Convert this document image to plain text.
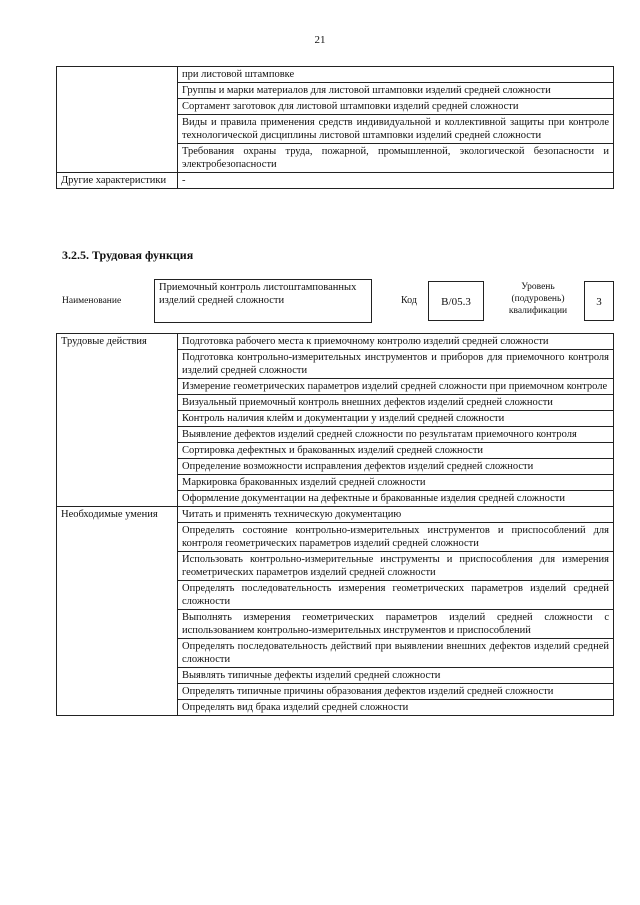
21
	при листовой штамповке
	Группы и марки материалов для листовой штамповки изделий средней сложности
	Сортамент заготовок для листовой штамповки изделий средней сложности
	Виды и правила применения средств индивидуальной и коллективной защиты при контроле технологической дисциплины листовой штамповки изделий средней сложности
	Требования охраны труда, пожарной, промышленной, экологической безопасности и электробезопасности
Другие характеристики	-
3.2.5. Трудовая функция
Наименование
Приемочный контроль листоштампованных изделий средней сложности	Код	B/05.3
Уровень (подуровень) квалификации
3
Трудовые действия	Подготовка рабочего места к приемочному контролю изделий средней сложности
	Подготовка контрольно-измерительных инструментов и приборов для приемочного контроля изделий средней сложности
	Измерение геометрических параметров изделий средней сложности при приемочном контроле
	Визуальный приемочный контроль внешних дефектов изделий средней сложности
	Контроль наличия клейм и документации у изделий средней сложности
	Выявление дефектов изделий средней сложности по результатам приемочного контроля
	Сортировка дефектных и бракованных изделий средней сложности
	Определение возможности исправления дефектов изделий средней сложности
	Маркировка бракованных изделий средней сложности
	Оформление документации на дефектные и бракованные изделия средней сложности
Необходимые умения	Читать и применять техническую документацию
	Определять состояние контрольно-измерительных инструментов и приспособлений для контроля геометрических параметров изделий средней сложности
	Использовать контрольно-измерительные инструменты и приспособления для измерения геометрических параметров изделий средней сложности
	Определять последовательность измерения геометрических параметров изделий средней сложности
	Выполнять измерения геометрических параметров изделий средней сложности с использованием контрольно-измерительных инструментов и приспособлений
	Определять последовательность действий при выявлении внешних дефектов изделий средней сложности
	Выявлять типичные дефекты изделий средней сложности
	Определять типичные причины образования дефектов изделий средней сложности
	Определять вид брака изделий средней сложности
